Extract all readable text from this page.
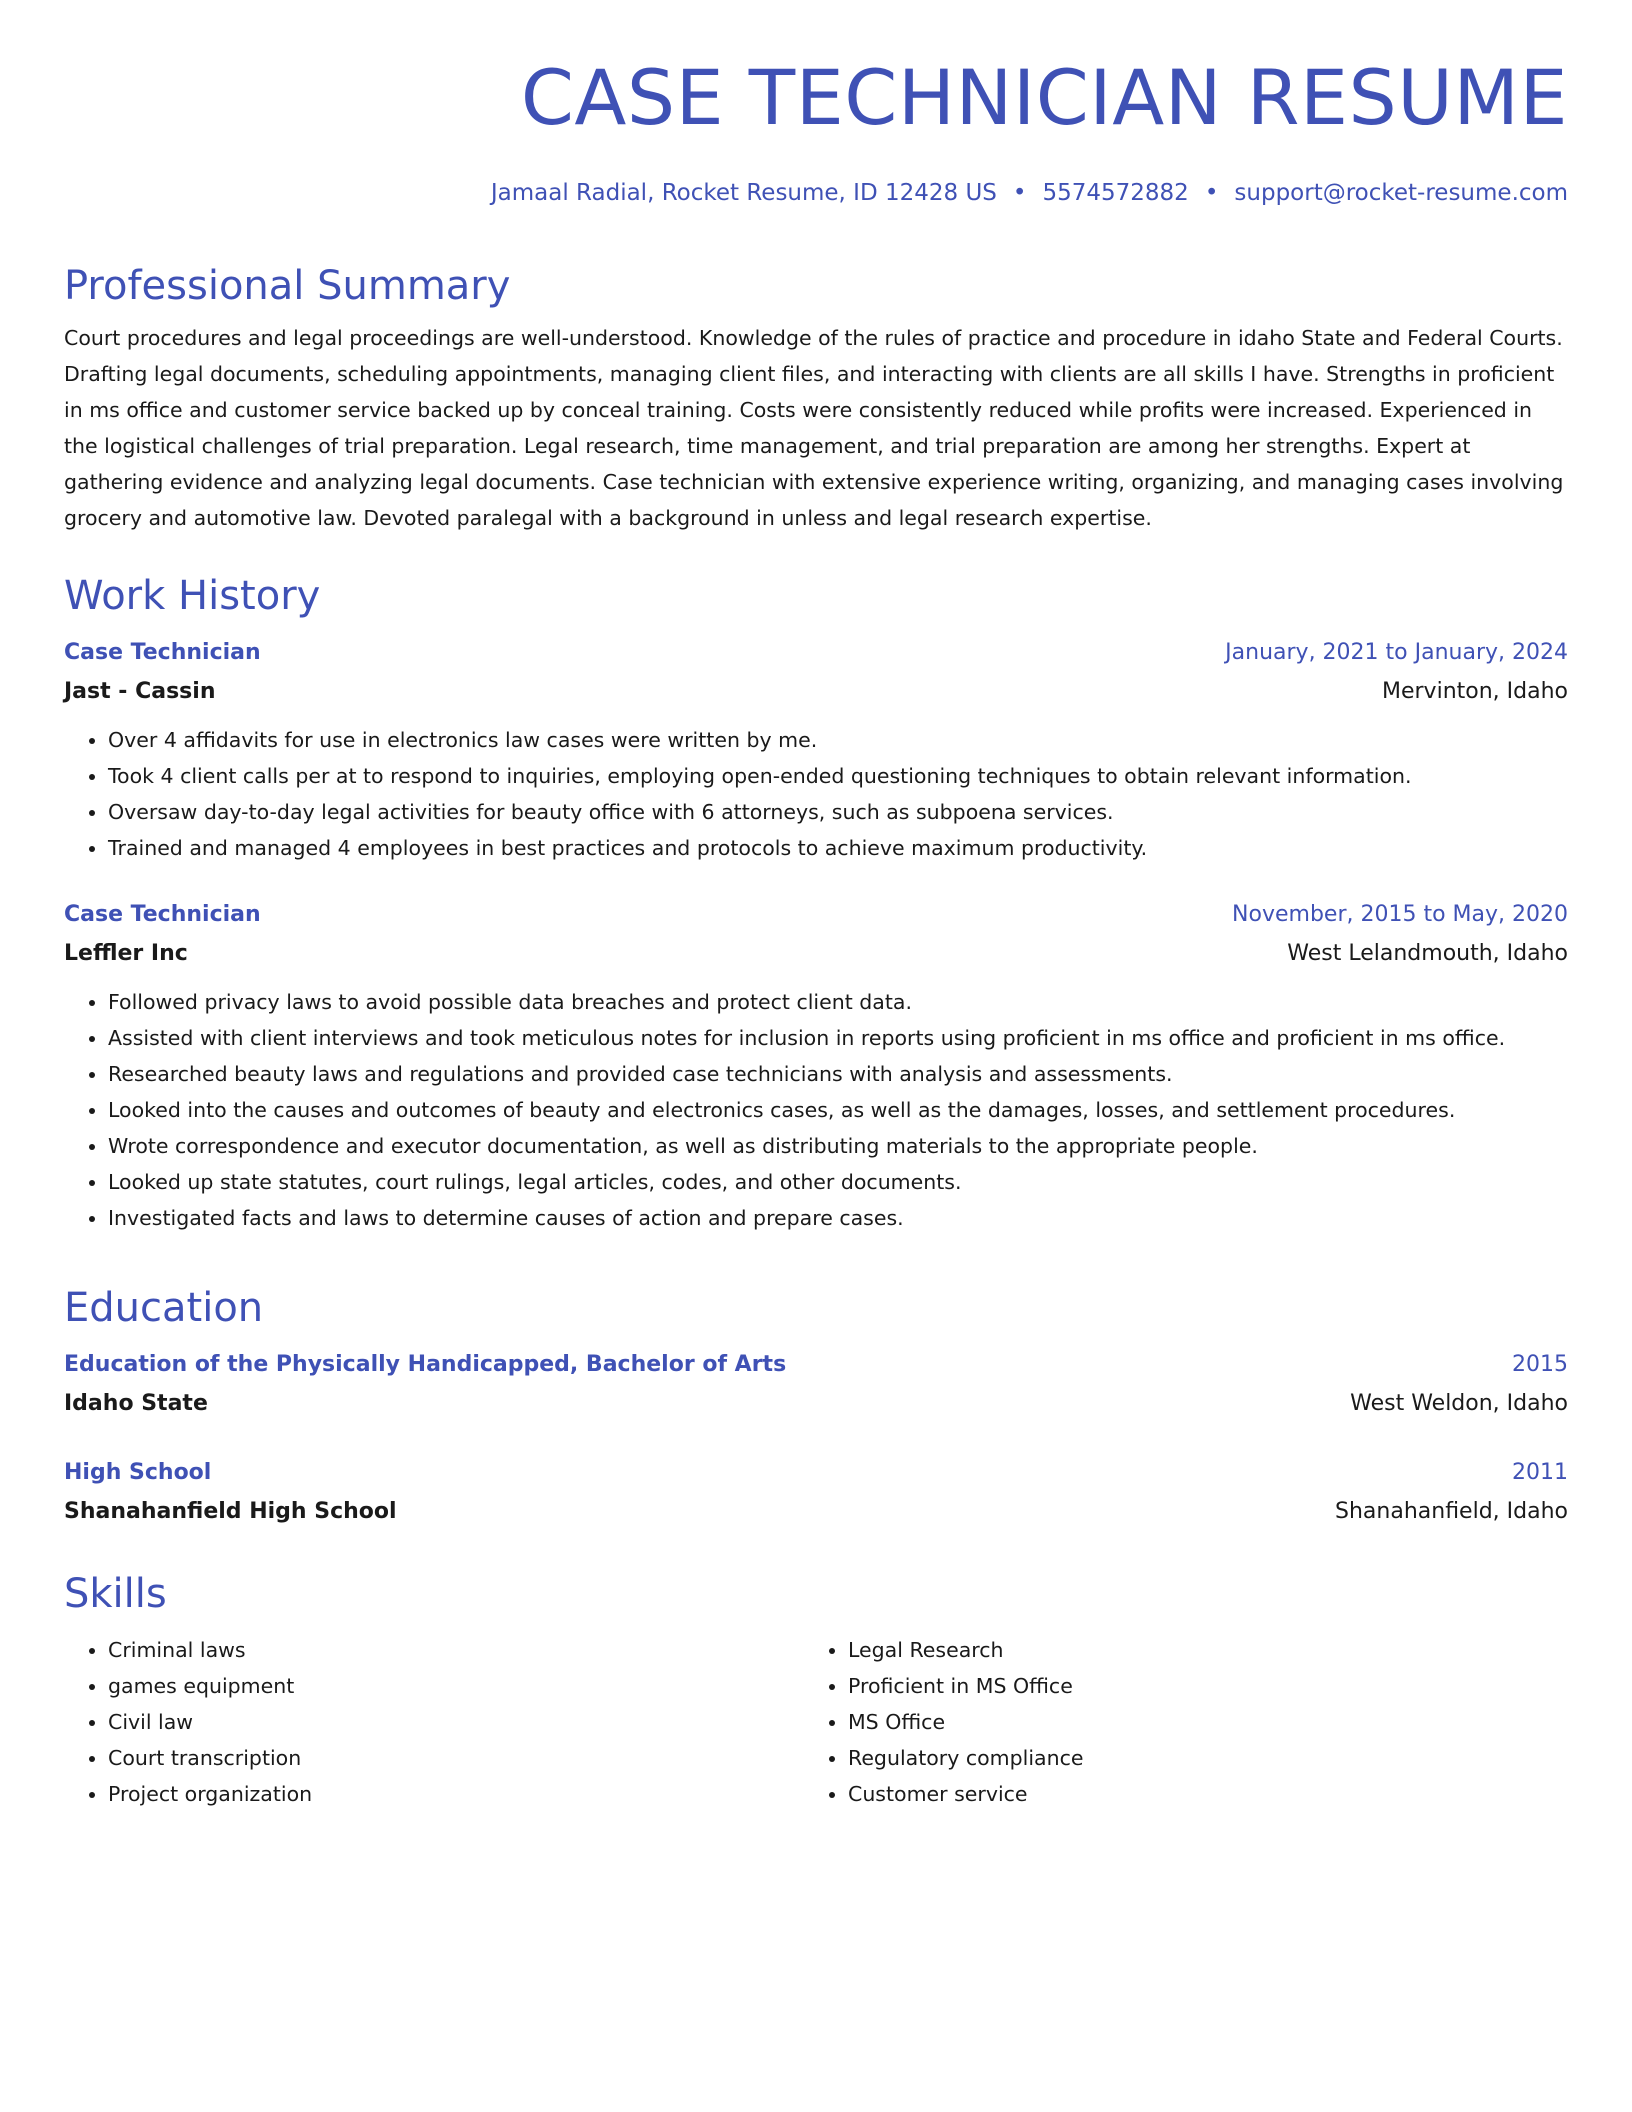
CASE TECHNICIAN RESUME
Jamaal Radial, Rocket Resume, ID 12428 US • 5574572882 • support@rocket-resume.com
Professional Summary
Court procedures and legal proceedings are well-understood. Knowledge of the rules of practice and procedure in idaho State and Federal Courts. Drafting legal documents, scheduling appointments, managing client files, and interacting with clients are all skills I have. Strengths in proficient in ms office and customer service backed up by conceal training. Costs were consistently reduced while profits were increased. Experienced in the logistical challenges of trial preparation. Legal research, time management, and trial preparation are among her strengths. Expert at gathering evidence and analyzing legal documents. Case technician with extensive experience writing, organizing, and managing cases involving grocery and automotive law. Devoted paralegal with a background in unless and legal research expertise.
Work History
Case Technician	January, 2021 to January, 2024
Jast - Cassin	Mervinton, Idaho
• Over 4 affidavits for use in electronics law cases were written by me.
• Took 4 client calls per at to respond to inquiries, employing open-ended questioning techniques to obtain relevant information.
• Oversaw day-to-day legal activities for beauty office with 6 attorneys, such as subpoena services.
• Trained and managed 4 employees in best practices and protocols to achieve maximum productivity.
Case Technician	November, 2015 to May, 2020
Leffler Inc	West Lelandmouth, Idaho
• Followed privacy laws to avoid possible data breaches and protect client data.
• Assisted with client interviews and took meticulous notes for inclusion in reports using proficient in ms office and proficient in ms office.
• Researched beauty laws and regulations and provided case technicians with analysis and assessments.
• Looked into the causes and outcomes of beauty and electronics cases, as well as the damages, losses, and settlement procedures.
• Wrote correspondence and executor documentation, as well as distributing materials to the appropriate people.
• Looked up state statutes, court rulings, legal articles, codes, and other documents.
• Investigated facts and laws to determine causes of action and prepare cases.
Education
Education of the Physically Handicapped, Bachelor of Arts	2015
Idaho State	West Weldon, Idaho
High School	2011
Shanahanfield High School	Shanahanfield, Idaho
Skills
• Criminal laws
• games equipment
• Civil law
• Court transcription
• Project organization
• Legal Research
• Proficient in MS Office
• MS Office
• Regulatory compliance
• Customer service
